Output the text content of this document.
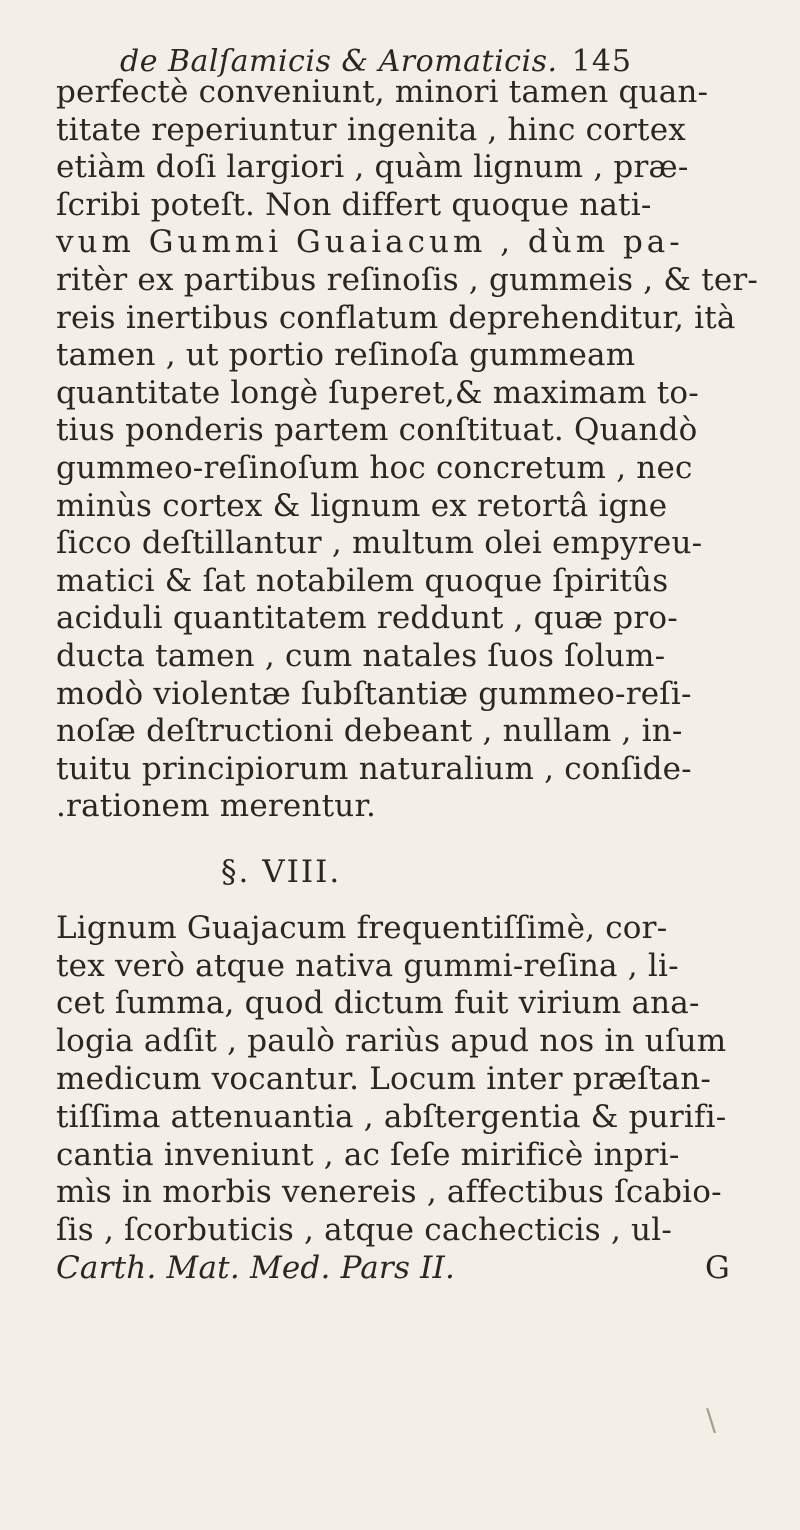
de Balſamicis & Aromaticis. 145
perfectè conveniunt, minori tamen quan-
titate reperiuntur ingenita , hinc cortex
etiàm doſi largiori , quàm lignum , præ-
ſcribi poteſt. Non differt quoque nati-
vum Gummi Guaiacum , dùm pa-
ritèr ex partibus reſinoſis , gummeis , & ter-
reis inertibus conflatum deprehenditur, ità
tamen , ut portio reſinoſa gummeam
quantitate longè ſuperet,& maximam to-
tius ponderis partem conſtituat. Quandò
gummeo-reſinoſum hoc concretum , nec
minùs cortex & lignum ex retortâ igne
ſicco deſtillantur , multum olei empyreu-
matici & ſat notabilem quoque ſpiritûs
aciduli quantitatem reddunt , quæ pro-
ducta tamen , cum natales ſuos ſolum-
modò violentæ ſubſtantiæ gummeo-reſi-
noſæ deſtructioni debeant , nullam , in-
tuitu principiorum naturalium , conſide-
.rationem merentur.
§. VIII.
Lignum Guajacum frequentiſſimè, cor-
tex verò atque nativa gummi-reſina , li-
cet ſumma, quod dictum fuit virium ana-
logia adſit , paulò rariùs apud nos in uſum
medicum vocantur. Locum inter præſtan-
tiſſima attenuantia , abſtergentia & purifi-
cantia inveniunt , ac ſeſe mirificè inpri-
mìs in morbis venereis , affectibus ſcabio-
ſis , ſcorbuticis , atque cachecticis , ul-
Carth. Mat. Med. Pars II.	G
\
